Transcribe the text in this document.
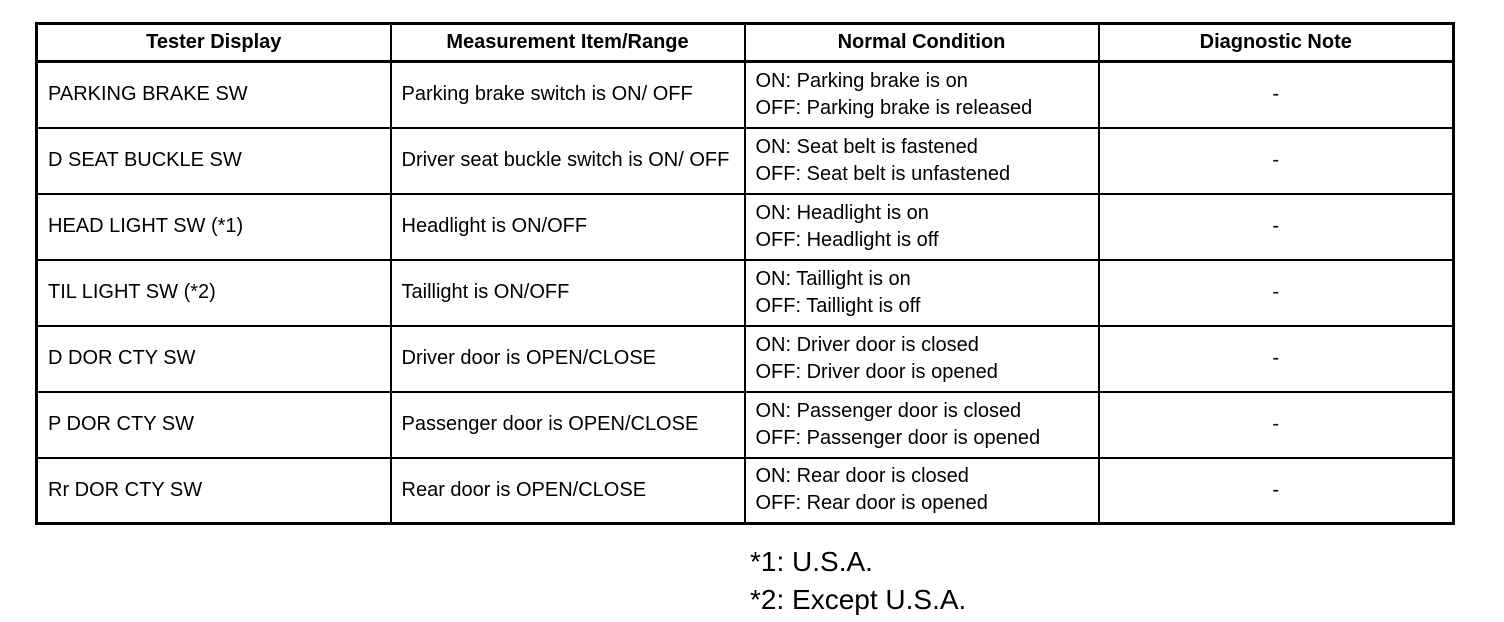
Tester Display	Measurement Item/Range	Normal Condition	Diagnostic Note
PARKING BRAKE SW	Parking brake switch is ON/ OFF	ON: Parking brake is on
OFF: Parking brake is released	-
D SEAT BUCKLE SW	Driver seat buckle switch is ON/ OFF	ON: Seat belt is fastened
OFF: Seat belt is unfastened	-
HEAD LIGHT SW (*1)	Headlight is ON/OFF	ON: Headlight is on
OFF: Headlight is off	-
TIL LIGHT SW (*2)	Taillight is ON/OFF	ON: Taillight is on
OFF: Taillight is off	-
D DOR CTY SW	Driver door is OPEN/CLOSE	ON: Driver door is closed
OFF: Driver door is opened	-
P DOR CTY SW	Passenger door is OPEN/CLOSE	ON: Passenger door is closed
OFF: Passenger door is opened	-
Rr DOR CTY SW	Rear door is OPEN/CLOSE	ON: Rear door is closed
OFF: Rear door is opened	-
*1: U.S.A.
*2: Except U.S.A.
